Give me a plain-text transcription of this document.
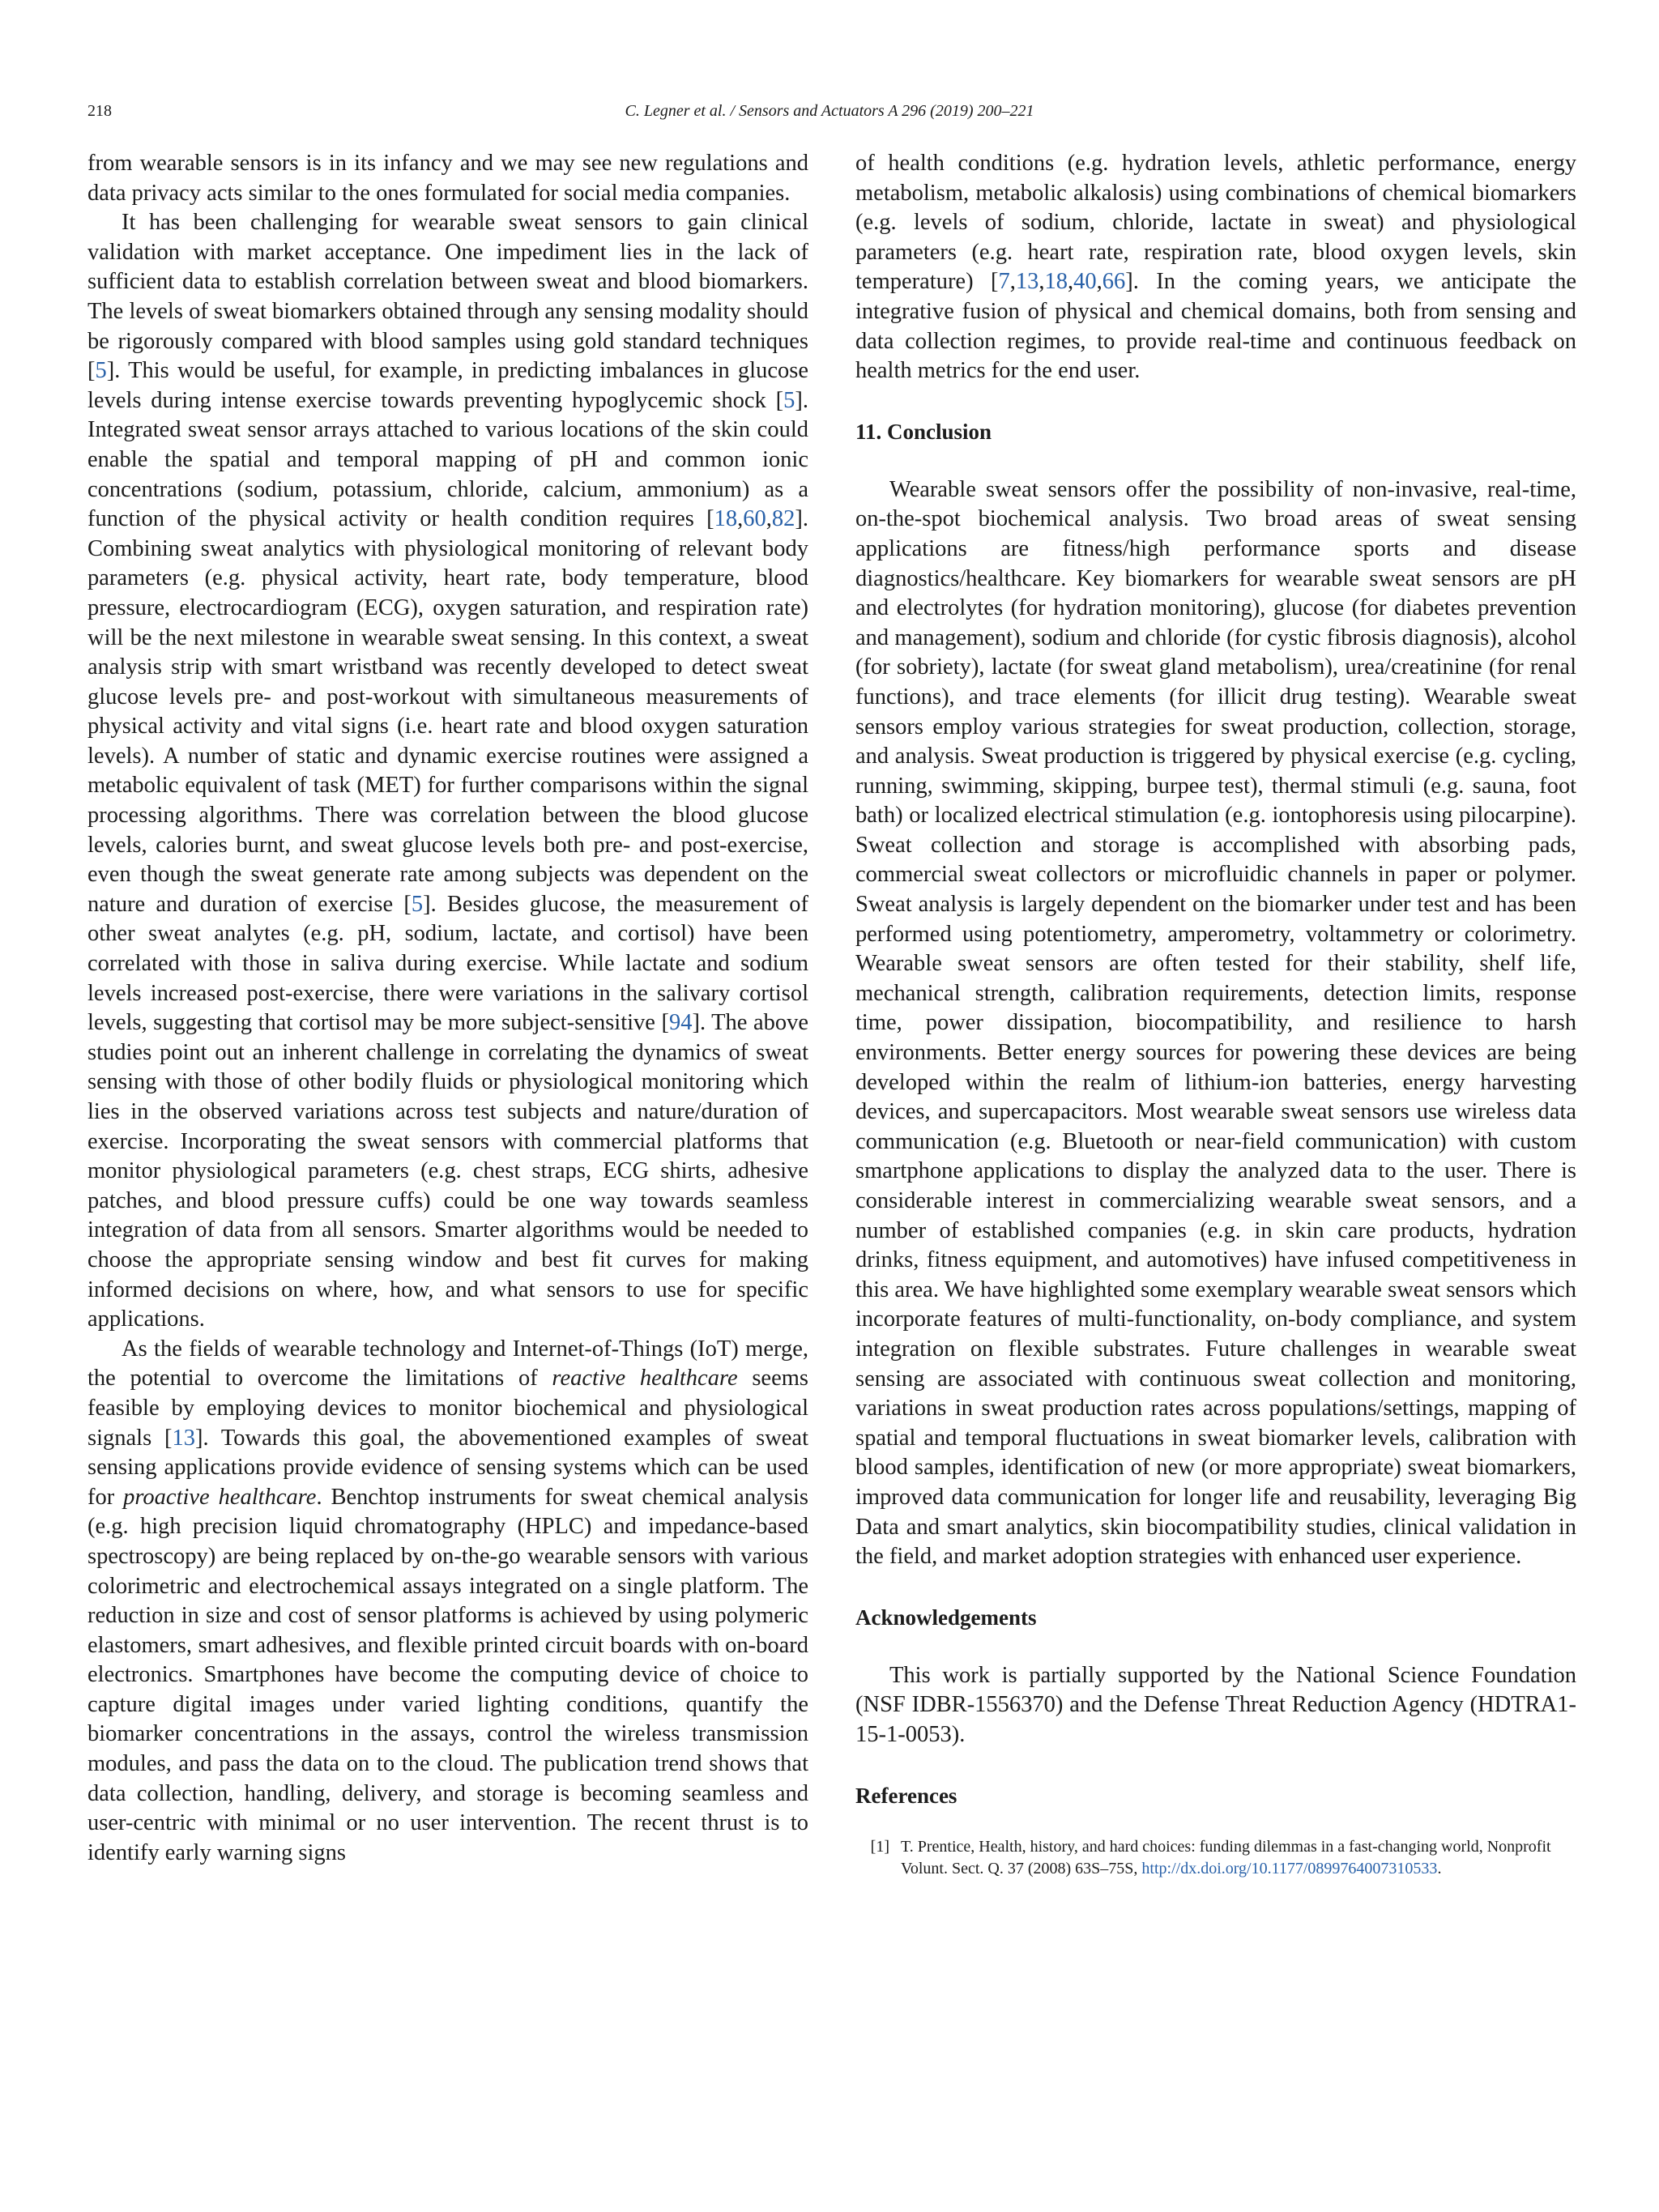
218	C. Legner et al. / Sensors and Actuators A 296 (2019) 200–221

from wearable sensors is in its infancy and we may see new regulations and data privacy acts similar to the ones formulated for social media companies.

It has been challenging for wearable sweat sensors to gain clinical validation with market acceptance. One impediment lies in the lack of sufficient data to establish correlation between sweat and blood biomarkers. The levels of sweat biomarkers obtained through any sensing modality should be rigorously compared with blood samples using gold standard techniques [5]. This would be useful, for example, in predicting imbalances in glucose levels during intense exercise towards preventing hypoglycemic shock [5]. Integrated sweat sensor arrays attached to various locations of the skin could enable the spatial and temporal mapping of pH and common ionic concentrations (sodium, potassium, chloride, calcium, ammonium) as a function of the physical activity or health condition requires [18,60,82]. Combining sweat analytics with physiological monitoring of relevant body parameters (e.g. physical activity, heart rate, body temperature, blood pressure, electrocardiogram (ECG), oxygen saturation, and respiration rate) will be the next milestone in wearable sweat sensing. In this context, a sweat analysis strip with smart wristband was recently developed to detect sweat glucose levels pre- and post-workout with simultaneous measurements of physical activity and vital signs (i.e. heart rate and blood oxygen saturation levels). A number of static and dynamic exercise routines were assigned a metabolic equivalent of task (MET) for further comparisons within the signal processing algorithms. There was correlation between the blood glucose levels, calories burnt, and sweat glucose levels both pre- and post-exercise, even though the sweat generate rate among subjects was dependent on the nature and duration of exercise [5]. Besides glucose, the measurement of other sweat analytes (e.g. pH, sodium, lactate, and cortisol) have been correlated with those in saliva during exercise. While lactate and sodium levels increased post-exercise, there were variations in the salivary cortisol levels, suggesting that cortisol may be more subject-sensitive [94]. The above studies point out an inherent challenge in correlating the dynamics of sweat sensing with those of other bodily fluids or physiological monitoring which lies in the observed variations across test subjects and nature/duration of exercise. Incorporating the sweat sensors with commercial platforms that monitor physiological parameters (e.g. chest straps, ECG shirts, adhesive patches, and blood pressure cuffs) could be one way towards seamless integration of data from all sensors. Smarter algorithms would be needed to choose the appropriate sensing window and best fit curves for making informed decisions on where, how, and what sensors to use for specific applications.

As the fields of wearable technology and Internet-of-Things (IoT) merge, the potential to overcome the limitations of reactive healthcare seems feasible by employing devices to monitor biochemical and physiological signals [13]. Towards this goal, the abovementioned examples of sweat sensing applications provide evidence of sensing systems which can be used for proactive healthcare. Benchtop instruments for sweat chemical analysis (e.g. high precision liquid chromatography (HPLC) and impedance-based spectroscopy) are being replaced by on-the-go wearable sensors with various colorimetric and electrochemical assays integrated on a single platform. The reduction in size and cost of sensor platforms is achieved by using polymeric elastomers, smart adhesives, and flexible printed circuit boards with on-board electronics. Smartphones have become the computing device of choice to capture digital images under varied lighting conditions, quantify the biomarker concentrations in the assays, control the wireless transmission modules, and pass the data on to the cloud. The publication trend shows that data collection, handling, delivery, and storage is becoming seamless and user-centric with minimal or no user intervention. The recent thrust is to identify early warning signs

of health conditions (e.g. hydration levels, athletic performance, energy metabolism, metabolic alkalosis) using combinations of chemical biomarkers (e.g. levels of sodium, chloride, lactate in sweat) and physiological parameters (e.g. heart rate, respiration rate, blood oxygen levels, skin temperature) [7,13,18,40,66]. In the coming years, we anticipate the integrative fusion of physical and chemical domains, both from sensing and data collection regimes, to provide real-time and continuous feedback on health metrics for the end user.

11. Conclusion

Wearable sweat sensors offer the possibility of non-invasive, real-time, on-the-spot biochemical analysis. Two broad areas of sweat sensing applications are fitness/high performance sports and disease diagnostics/healthcare. Key biomarkers for wearable sweat sensors are pH and electrolytes (for hydration monitoring), glucose (for diabetes prevention and management), sodium and chloride (for cystic fibrosis diagnosis), alcohol (for sobriety), lactate (for sweat gland metabolism), urea/creatinine (for renal functions), and trace elements (for illicit drug testing). Wearable sweat sensors employ various strategies for sweat production, collection, storage, and analysis. Sweat production is triggered by physical exercise (e.g. cycling, running, swimming, skipping, burpee test), thermal stimuli (e.g. sauna, foot bath) or localized electrical stimulation (e.g. iontophoresis using pilocarpine). Sweat collection and storage is accomplished with absorbing pads, commercial sweat collectors or microfluidic channels in paper or polymer. Sweat analysis is largely dependent on the biomarker under test and has been performed using potentiometry, amperometry, voltammetry or colorimetry. Wearable sweat sensors are often tested for their stability, shelf life, mechanical strength, calibration requirements, detection limits, response time, power dissipation, biocompatibility, and resilience to harsh environments. Better energy sources for powering these devices are being developed within the realm of lithium-ion batteries, energy harvesting devices, and supercapacitors. Most wearable sweat sensors use wireless data communication (e.g. Bluetooth or near-field communication) with custom smartphone applications to display the analyzed data to the user. There is considerable interest in commercializing wearable sweat sensors, and a number of established companies (e.g. in skin care products, hydration drinks, fitness equipment, and automotives) have infused competitiveness in this area. We have highlighted some exemplary wearable sweat sensors which incorporate features of multi-functionality, on-body compliance, and system integration on flexible substrates. Future challenges in wearable sweat sensing are associated with continuous sweat collection and monitoring, variations in sweat production rates across populations/settings, mapping of spatial and temporal fluctuations in sweat biomarker levels, calibration with blood samples, identification of new (or more appropriate) sweat biomarkers, improved data communication for longer life and reusability, leveraging Big Data and smart analytics, skin biocompatibility studies, clinical validation in the field, and market adoption strategies with enhanced user experience.

Acknowledgements

This work is partially supported by the National Science Foundation (NSF IDBR-1556370) and the Defense Threat Reduction Agency (HDTRA1-15-1-0053).

References
[1] T. Prentice, Health, history, and hard choices: funding dilemmas in a fast-changing world, Nonprofit Volunt. Sect. Q. 37 (2008) 63S–75S, http://dx.doi.org/10.1177/0899764007310533.
